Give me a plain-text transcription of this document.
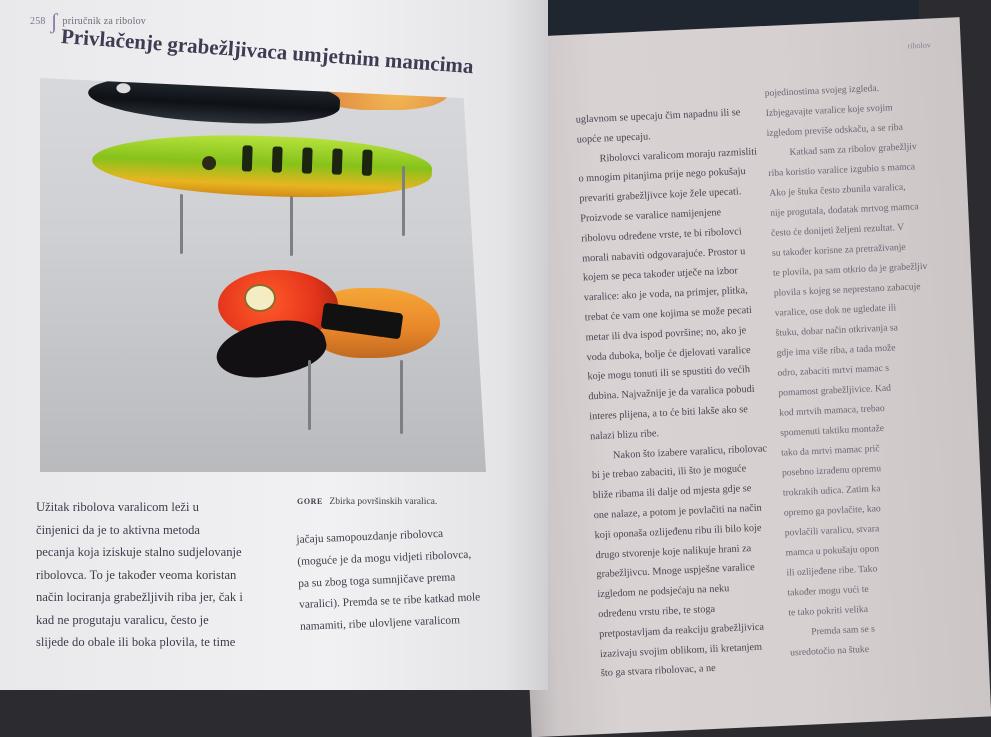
ribolov

uglavnom se upecaju čim napadnu ili se

uopće ne upecaju.

Ribolovci varalicom moraju razmisliti

o mnogim pitanjima prije nego pokušaju

prevariti grabežljivce koje žele upecati.

Proizvode se varalice namijenjene

ribolovu određene vrste, te bi ribolovci

morali nabaviti odgovarajuće. Prostor u

kojem se peca također utječe na izbor

varalice: ako je voda, na primjer, plitka,

trebat će vam one kojima se može pecati

metar ili dva ispod površine; no, ako je

voda duboka, bolje će djelovati varalice

koje mogu tonuti ili se spustiti do većih

dubina. Najvažnije je da varalica pobudi

interes plijena, a to će biti lakše ako se

nalazi blizu ribe.

Nakon što izabere varalicu, ribolovac

bi je trebao zabaciti, ili što je moguće

bliže ribama ili dalje od mjesta gdje se

one nalaze, a potom je povlačiti na način

koji oponaša ozlijeđenu ribu ili bilo koje

drugo stvorenje koje nalikuje hrani za

grabežljivcu. Mnoge uspješne varalice

izgledom ne podsjećaju na neku

određenu vrstu ribe, te stoga

pretpostavljam da reakciju grabežljivica

izazivaju svojim oblikom, ili kretanjem

što ga stvara ribolovac, a ne

pojedinostima svojeg izgleda.

Izbjegavajte varalice koje svojim

izgledom previše odskaču, a se riba

Katkad sam za ribolov grabežljiv

riba koristio varalice izgubio s mamca

Ako je štuka često zbunila varalica,

nije progutala, dodatak mrtvog mamca

često će donijeti željeni rezultat. V

su također korisne za pretraživanje

te plovila, pa sam otkrio da je grabežljiv

plovila s kojeg se neprestano zabacuje

varalice, ose dok ne ugledate ili

štuku, dobar način otkrivanja sa

gdje ima više riba, a tada može

odro, zabaciti mrtvi mamac s

pomamost grabežljivice. Kad

kod mrtvih mamaca, trebao

spomenuti taktiku montaže

tako da mrtvi mamac prič

posebno izrađenu opremu

trokrakih udica. Zatim ka

opremo ga povlačite, kao

povlačili varalicu, stvara

mamca u pokušaju opon

ili ozlijeđene ribe. Tako

također mogu vući te

te tako pokriti velika

Premda sam se s

usredotočio na štuke

258 ʃ priručnik za ribolov
Privlačenje grabežljivaca umjetnim mamcima

Užitak ribolova varalicom leži u

činjenici da je to aktivna metoda

pecanja koja iziskuje stalno sudjelovanje

ribolovca. To je također veoma koristan

način lociranja grabežljivih riba jer, čak i

kad ne progutaju varalicu, često je

slijede do obale ili boka plovila, te time

GORE Zbirka površinskih varalica.

jačaju samopouzdanje ribolovca

(moguće je da mogu vidjeti ribolovca,

pa su zbog toga sumnjičave prema

varalici). Premda se te ribe katkad mole

namamiti, ribe ulovljene varalicom
